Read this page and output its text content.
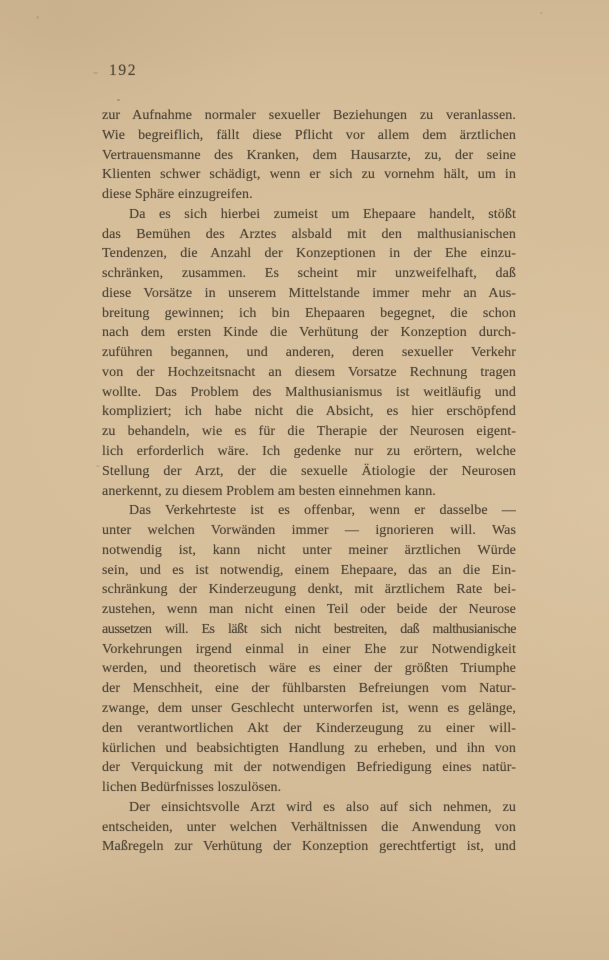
192
zur Aufnahme normaler sexueller Beziehungen zu veranlassen.
Wie begreiflich, fällt diese Pflicht vor allem dem ärztlichen
Vertrauensmanne des Kranken, dem Hausarzte, zu, der seine
Klienten schwer schädigt, wenn er sich zu vornehm hält, um in
diese Sphäre einzugreifen.
Da es sich hierbei zumeist um Ehepaare handelt, stößt
das Bemühen des Arztes alsbald mit den malthusianischen
Tendenzen, die Anzahl der Konzeptionen in der Ehe einzu-
schränken, zusammen. Es scheint mir unzweifelhaft, daß
diese Vorsätze in unserem Mittelstande immer mehr an Aus-
breitung gewinnen; ich bin Ehepaaren begegnet, die schon
nach dem ersten Kinde die Verhütung der Konzeption durch-
zuführen begannen, und anderen, deren sexueller Verkehr
von der Hochzeitsnacht an diesem Vorsatze Rechnung tragen
wollte. Das Problem des Malthusianismus ist weitläufig und
kompliziert; ich habe nicht die Absicht, es hier erschöpfend
zu behandeln, wie es für die Therapie der Neurosen eigent-
lich erforderlich wäre. Ich gedenke nur zu erörtern, welche
Stellung der Arzt, der die sexuelle Ätiologie der Neurosen
anerkennt, zu diesem Problem am besten einnehmen kann.
Das Verkehrteste ist es offenbar, wenn er dasselbe —
unter welchen Vorwänden immer — ignorieren will. Was
notwendig ist, kann nicht unter meiner ärztlichen Würde
sein, und es ist notwendig, einem Ehepaare, das an die Ein-
schränkung der Kinderzeugung denkt, mit ärztlichem Rate bei-
zustehen, wenn man nicht einen Teil oder beide der Neurose
aussetzen will. Es läßt sich nicht bestreiten, daß malthusianische
Vorkehrungen irgend einmal in einer Ehe zur Notwendigkeit
werden, und theoretisch wäre es einer der größten Triumphe
der Menschheit, eine der fühlbarsten Befreiungen vom Natur-
zwange, dem unser Geschlecht unterworfen ist, wenn es gelänge,
den verantwortlichen Akt der Kinderzeugung zu einer will-
kürlichen und beabsichtigten Handlung zu erheben, und ihn von
der Verquickung mit der notwendigen Befriedigung eines natür-
lichen Bedürfnisses loszulösen.
Der einsichtsvolle Arzt wird es also auf sich nehmen, zu
entscheiden, unter welchen Verhältnissen die Anwendung von
Maßregeln zur Verhütung der Konzeption gerechtfertigt ist, und
